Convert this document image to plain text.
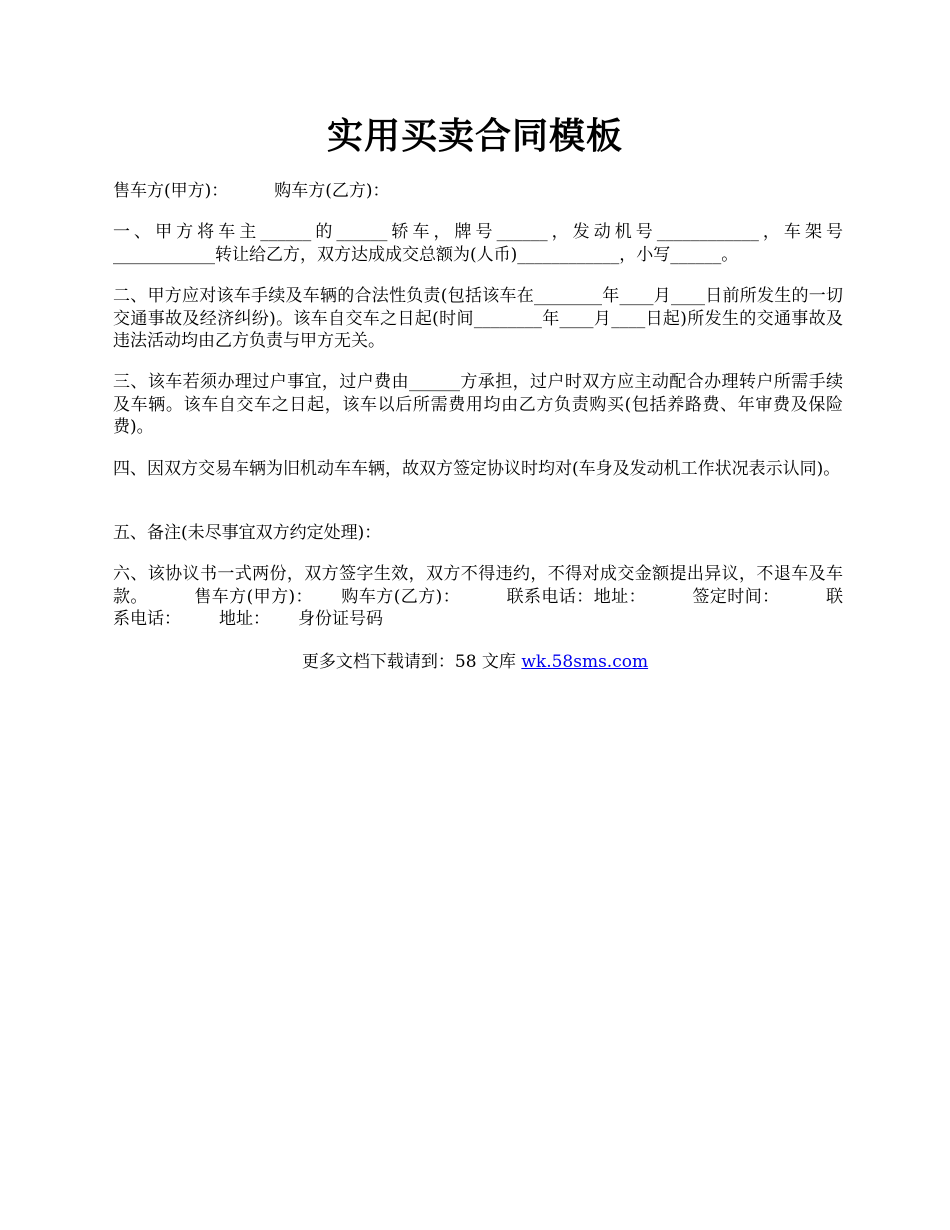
实用买卖合同模板
售车方(甲方)：	购车方(乙方)：
一、甲方将车主______的______轿车，牌号______，发动机号____________，车架号____________转让给乙方，双方达成成交总额为(人币)____________，小写______。
二、甲方应对该车手续及车辆的合法性负责(包括该车在________年____月____日前所发生的一切交通事故及经济纠纷)。该车自交车之日起(时间________年____月____日起)所发生的交通事故及违法活动均由乙方负责与甲方无关。
三、该车若须办理过户事宜，过户费由______方承担，过户时双方应主动配合办理转户所需手续及车辆。该车自交车之日起，该车以后所需费用均由乙方负责购买(包括养路费、年审费及保险费)。
四、因双方交易车辆为旧机动车车辆，故双方签定协议时均对(车身及发动机工作状况表示认同)。
五、备注(未尽事宜双方约定处理)：
六、该协议书一式两份，双方签字生效，双方不得违约，不得对成交金额提出异议，不退车及车款。	售车方(甲方)： 购车方(乙方)：	联系电话：地址：	签定时间：	联系电话： 地址： 身份证号码
更多文档下载请到：58 文库 wk.58sms.com
